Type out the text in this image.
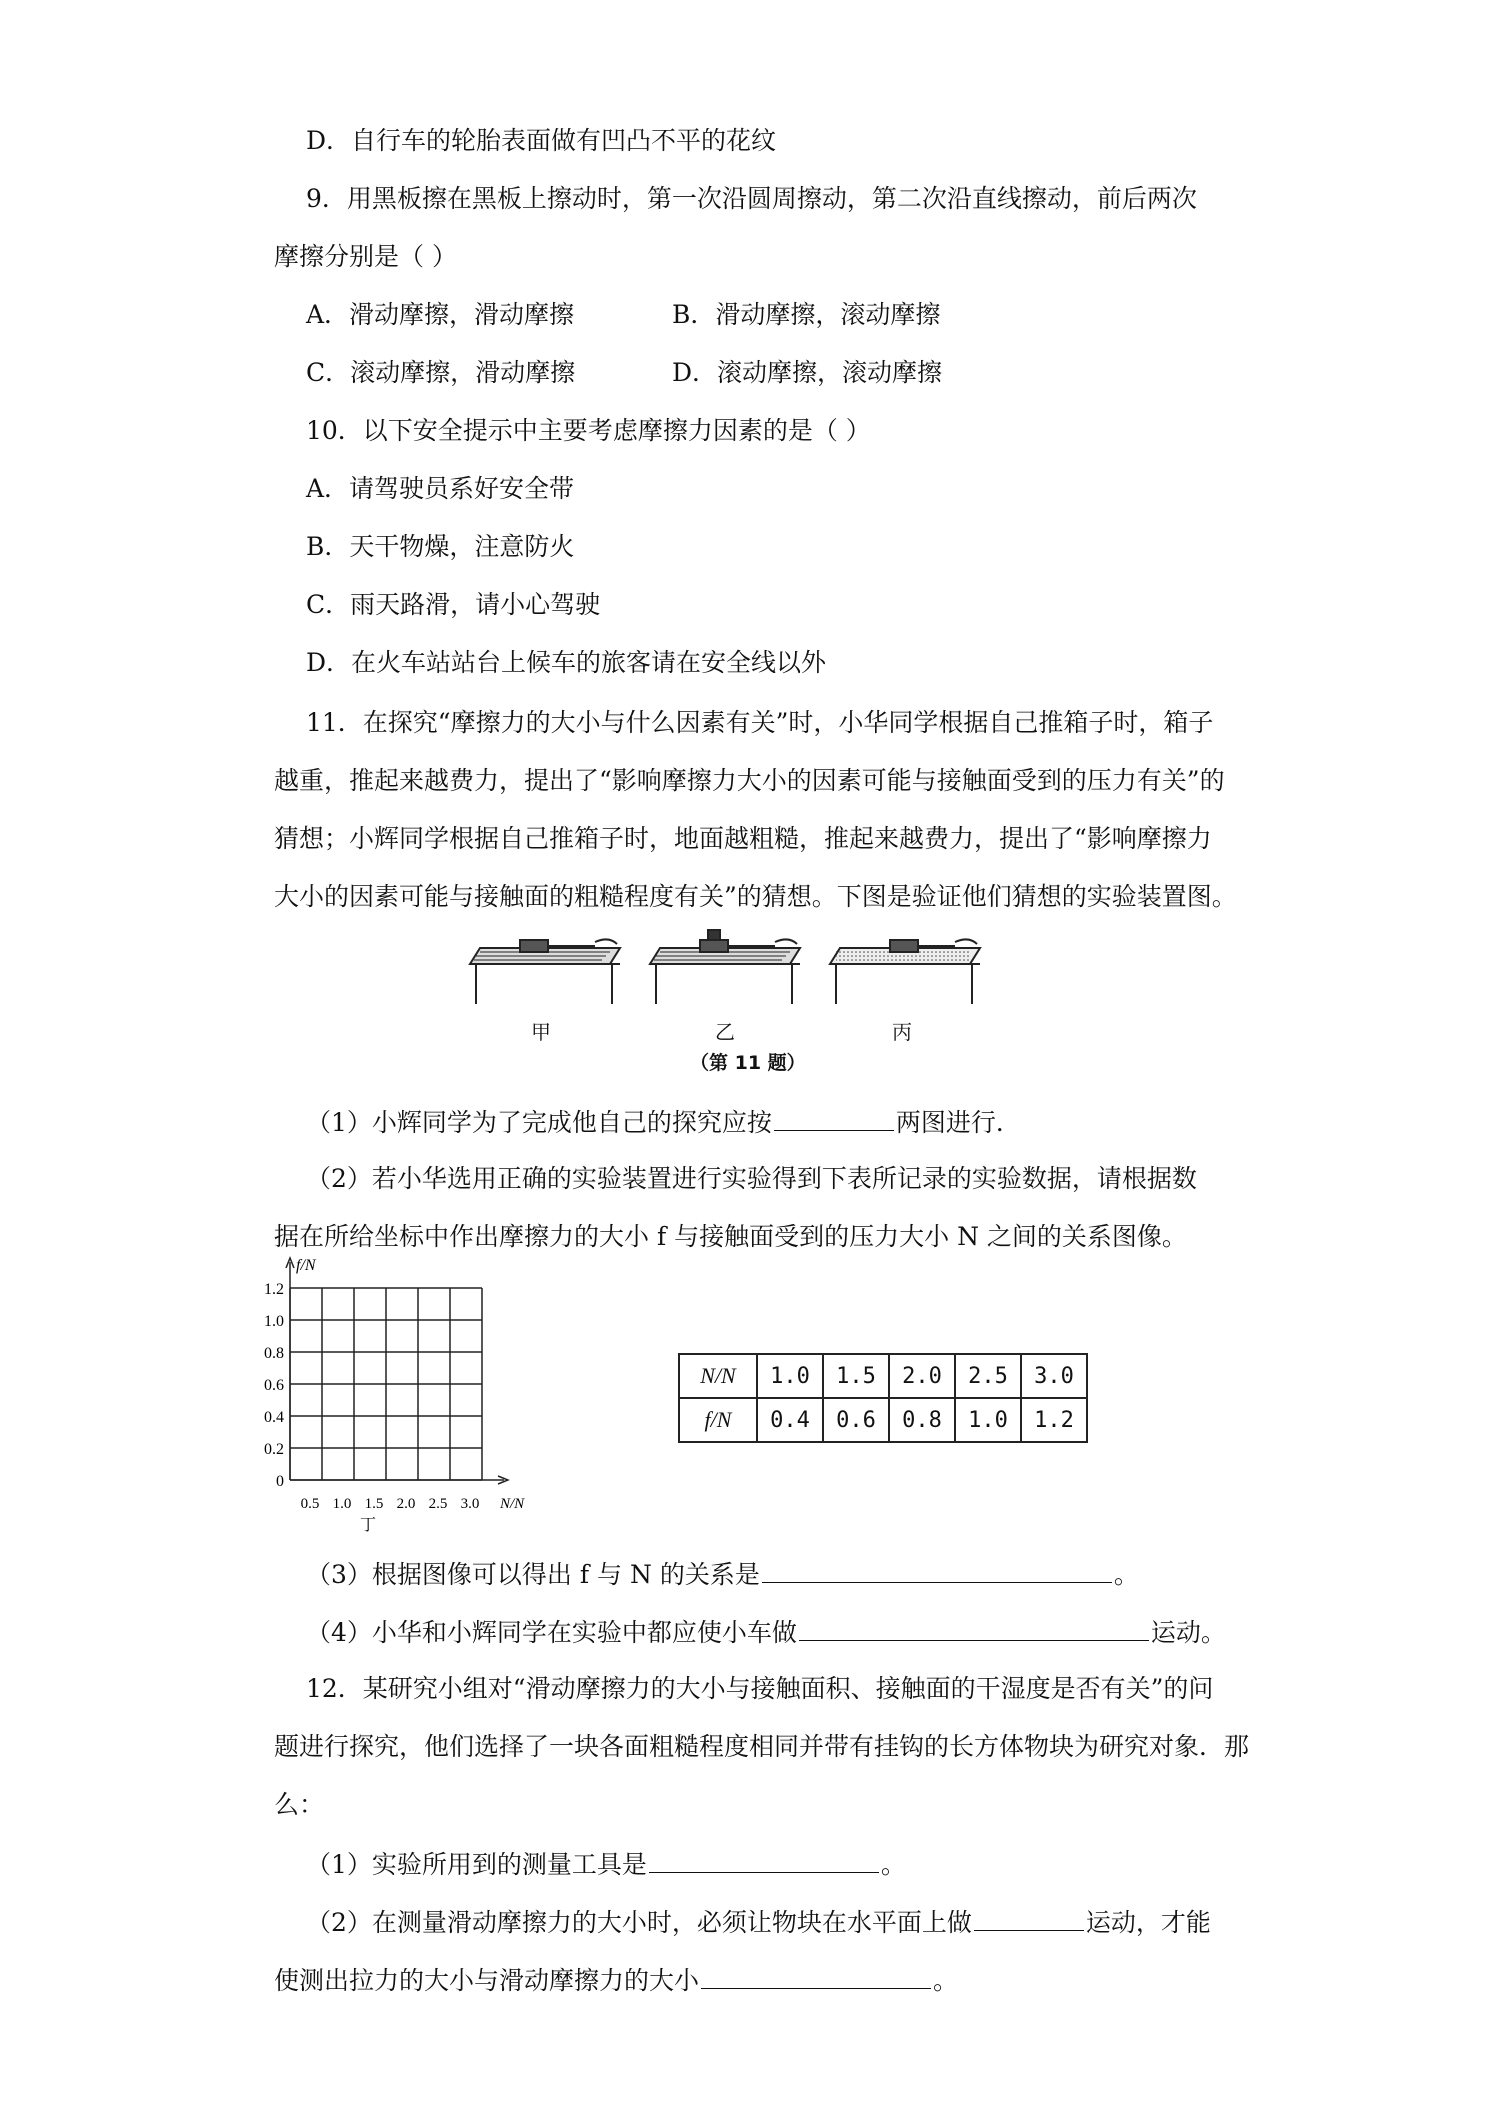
D．自行车的轮胎表面做有凹凸不平的花纹
9．用黑板擦在黑板上擦动时，第一次沿圆周擦动，第二次沿直线擦动，前后两次
摩擦分别是（ ）
A．滑动摩擦，滑动摩擦	B．滑动摩擦，滚动摩擦
C．滚动摩擦，滑动摩擦	D．滚动摩擦，滚动摩擦
10．以下安全提示中主要考虑摩擦力因素的是（ ）
A．请驾驶员系好安全带
B．天干物燥，注意防火
C．雨天路滑，请小心驾驶
D．在火车站站台上候车的旅客请在安全线以外
11．在探究“摩擦力的大小与什么因素有关”时，小华同学根据自己推箱子时，箱子
越重，推起来越费力，提出了“影响摩擦力大小的因素可能与接触面受到的压力有关”的
猜想；小辉同学根据自己推箱子时，地面越粗糙，推起来越费力，提出了“影响摩擦力
大小的因素可能与接触面的粗糙程度有关”的猜想。下图是验证他们猜想的实验装置图。
甲	乙	丙
（第 11 题）
（1）小辉同学为了完成他自己的探究应按	两图进行．
（2）若小华选用正确的实验装置进行实验得到下表所记录的实验数据，请根据数
据在所给坐标中作出摩擦力的大小 f 与接触面受到的压力大小 N 之间的关系图像。
1.2
1.0
0.8
0.6
0.4
0.2
0
0.5 1.0 1.5 2.0 2.5 3.0 N/N
f/N
丁
N/N	1.0	1.5	2.0	2.5	3.0
f/N	0.4	0.6	0.8	1.0	1.2
（3）根据图像可以得出 f 与 N 的关系是	。
（4）小华和小辉同学在实验中都应使小车做	运动。
12．某研究小组对“滑动摩擦力的大小与接触面积、接触面的干湿度是否有关”的问
题进行探究，他们选择了一块各面粗糙程度相同并带有挂钩的长方体物块为研究对象．那
么：
（1）实验所用到的测量工具是	。
（2）在测量滑动摩擦力的大小时，必须让物块在水平面上做	运动，才能
使测出拉力的大小与滑动摩擦力的大小	。
